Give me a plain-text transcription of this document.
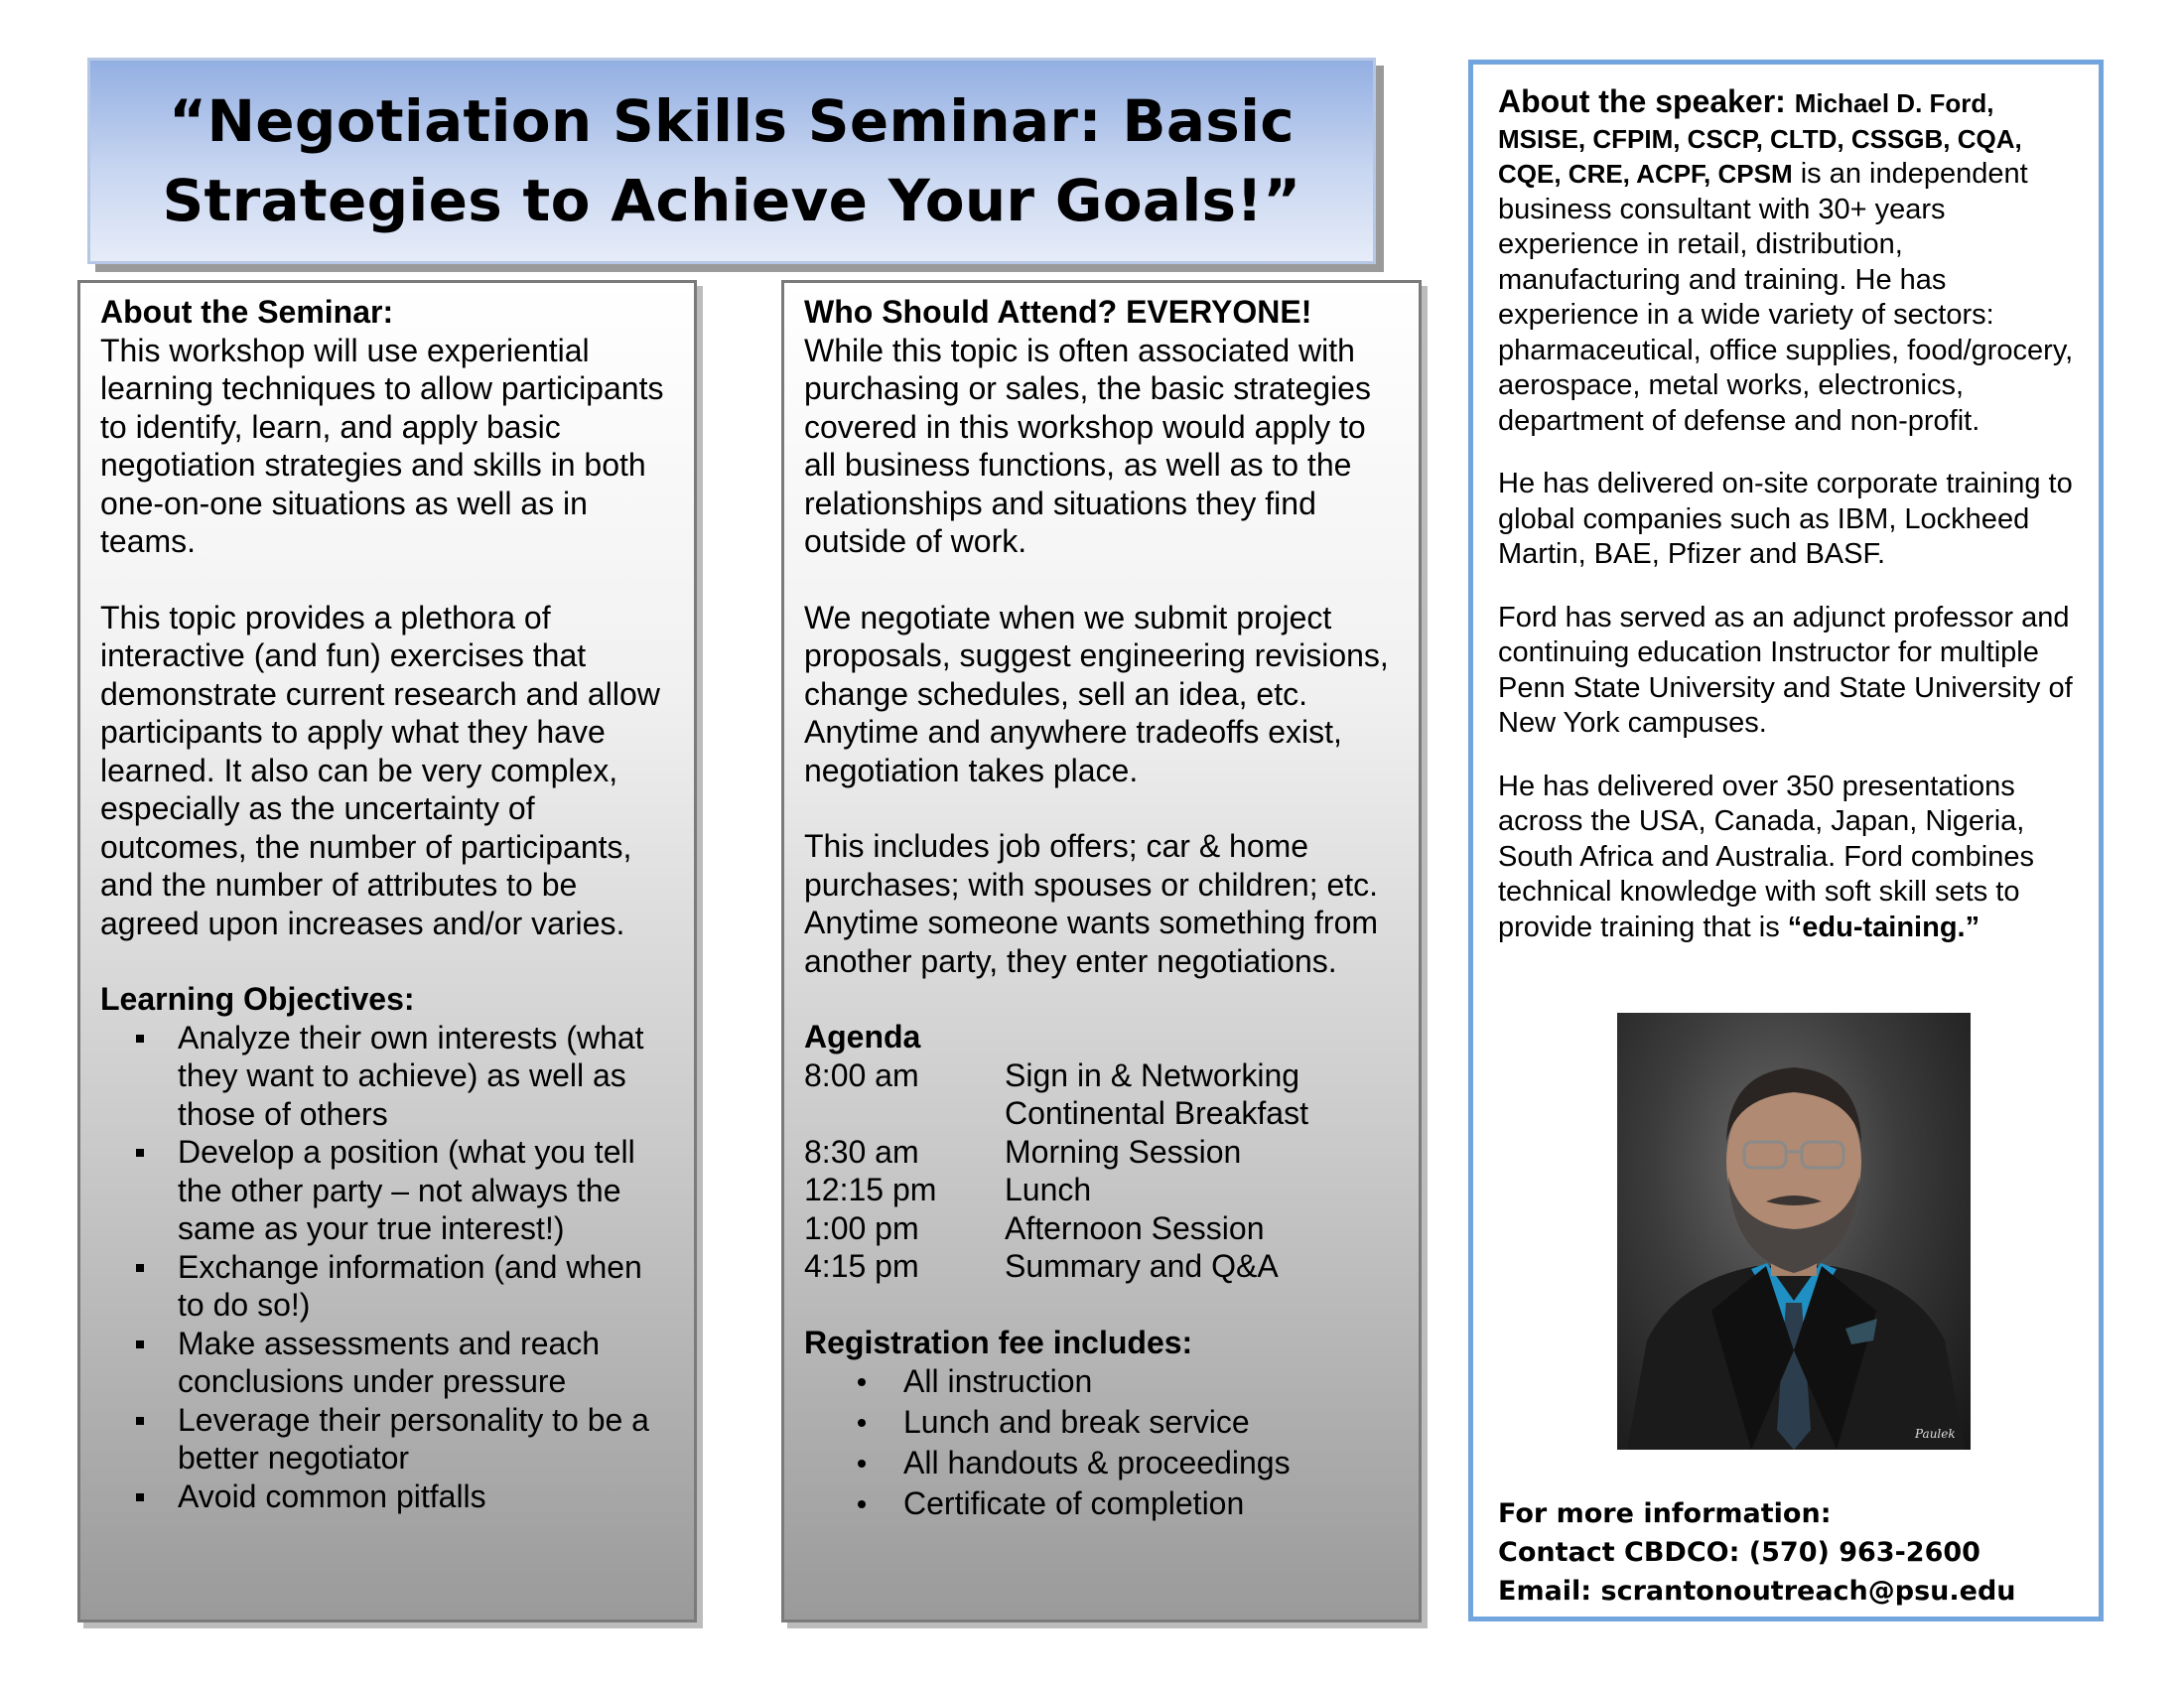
“Negotiation Skills Seminar: Basic
Strategies to Achieve Your Goals!”

About the Seminar:

This workshop will use experiential learning techniques to allow participants to identify, learn, and apply basic negotiation strategies and skills in both one-on-one situations as well as in teams.

This topic provides a plethora of interactive (and fun) exercises that demonstrate current research and allow participants to apply what they have learned. It also can be very complex, especially as the uncertainty of outcomes, the number of participants, and the number of attributes to be agreed upon increases and/or varies.

Learning Objectives:

Analyze their own interests (what they want to achieve) as well as those of others
Develop a position (what you tell the other party – not always the same as your true interest!)
Exchange information (and when to do so!)
Make assessments and reach conclusions under pressure
Leverage their personality to be a better negotiator
Avoid common pitfalls

Who Should Attend? EVERYONE!

While this topic is often associated with purchasing or sales, the basic strategies covered in this workshop would apply to all business functions, as well as to the relationships and situations they find outside of work.

We negotiate when we submit project proposals, suggest engineering revisions, change schedules, sell an idea, etc. Anytime and anywhere tradeoffs exist, negotiation takes place.

This includes job offers; car & home purchases; with spouses or children; etc. Anytime someone wants something from another party, they enter negotiations.

Agenda

8:00 am	Sign in & Networking
Continental Breakfast
8:30 am	Morning Session
12:15 pm	Lunch
1:00 pm	Afternoon Session
4:15 pm	Summary and Q&A

Registration fee includes:

All instruction
Lunch and break service
All handouts & proceedings
Certificate of completion

About the speaker: Michael D. Ford, MSISE, CFPIM, CSCP, CLTD, CSSGB, CQA, CQE, CRE, ACPF, CPSM is an independent business consultant with 30+ years experience in retail, distribution, manufacturing and training. He has experience in a wide variety of sectors: pharmaceutical, office supplies, food/grocery, aerospace, metal works, electronics, department of defense and non-profit.

He has delivered on-site corporate training to global companies such as IBM, Lockheed Martin, BAE, Pfizer and BASF.

Ford has served as an adjunct professor and continuing education Instructor for multiple Penn State University and State University of New York campuses.

He has delivered over 350 presentations across the USA, Canada, Japan, Nigeria, South Africa and Australia. Ford combines technical knowledge with soft skill sets to provide training that is “edu-taining.”

Paulek
For more information:
Contact CBDCO: (570) 963-2600
Email: scrantonoutreach@psu.edu
